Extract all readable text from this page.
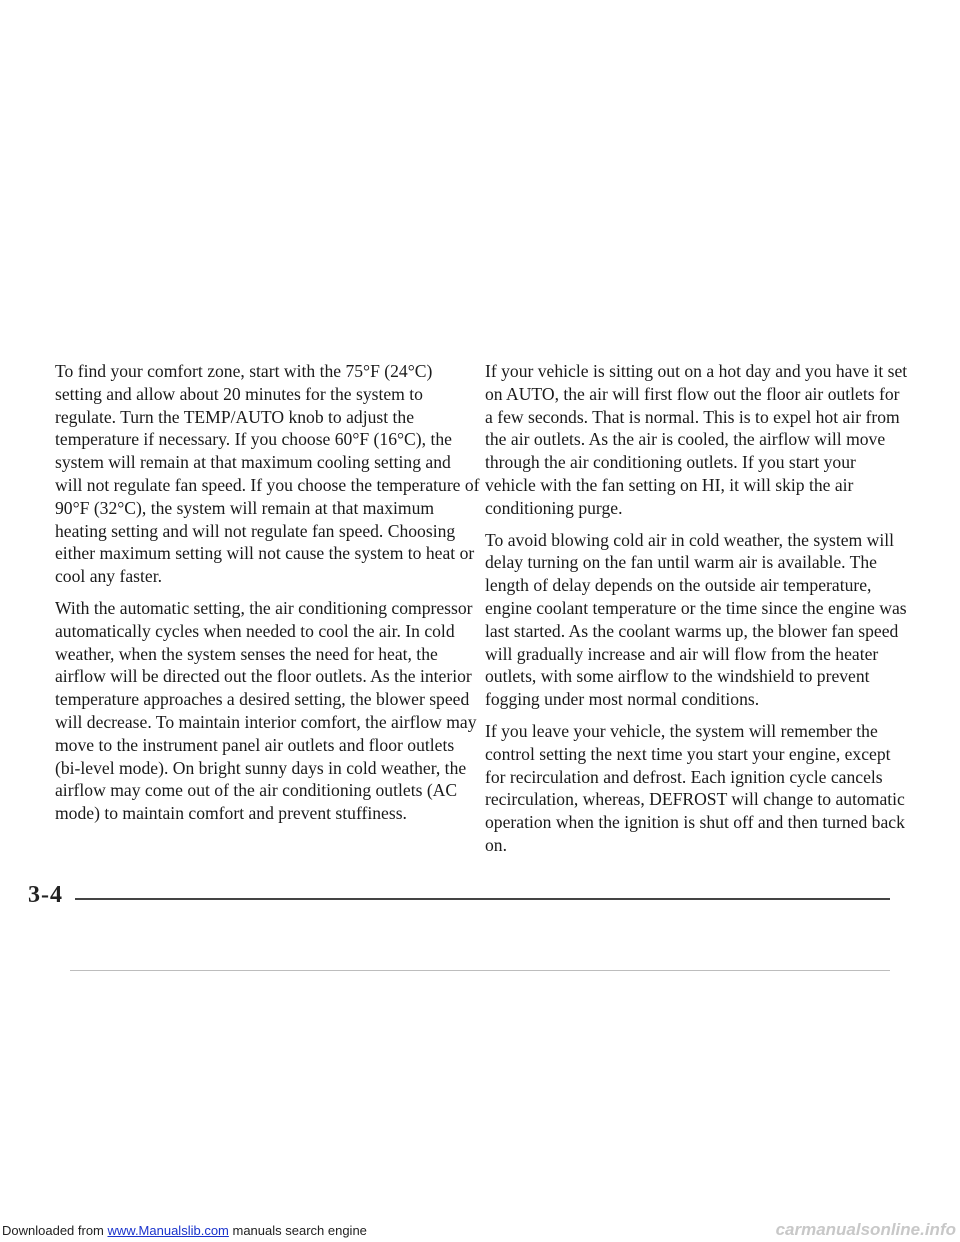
To find your comfort zone, start with the 75°F (24°C) setting and allow about 20 minutes for the system to regulate. Turn the TEMP/AUTO knob to adjust the temperature if necessary. If you choose 60°F (16°C), the system will remain at that maximum cooling setting and will not regulate fan speed. If you choose the temperature of 90°F (32°C), the system will remain at that maximum heating setting and will not regulate fan speed. Choosing either maximum setting will not cause the system to heat or cool any faster.

With the automatic setting, the air conditioning compressor automatically cycles when needed to cool the air. In cold weather, when the system senses the need for heat, the airflow will be directed out the floor outlets. As the interior temperature approaches a desired setting, the blower speed will decrease. To maintain interior comfort, the airflow may move to the instrument panel air outlets and floor outlets (bi-level mode). On bright sunny days in cold weather, the airflow may come out of the air conditioning outlets (AC mode) to maintain comfort and prevent stuffiness.

If your vehicle is sitting out on a hot day and you have it set on AUTO, the air will first flow out the floor air outlets for a few seconds. That is normal. This is to expel hot air from the air outlets. As the air is cooled, the airflow will move through the air conditioning outlets. If you start your vehicle with the fan setting on HI, it will skip the air conditioning purge.

To avoid blowing cold air in cold weather, the system will delay turning on the fan until warm air is available. The length of delay depends on the outside air temperature, engine coolant temperature or the time since the engine was last started. As the coolant warms up, the blower fan speed will gradually increase and air will flow from the heater outlets, with some airflow to the windshield to prevent fogging under most normal conditions.

If you leave your vehicle, the system will remember the control setting the next time you start your engine, except for recirculation and defrost. Each ignition cycle cancels recirculation, whereas, DEFROST will change to automatic operation when the ignition is shut off and then turned back on.

3-4
Downloaded from www.Manualslib.com manuals search engine	carmanualsonline.info
